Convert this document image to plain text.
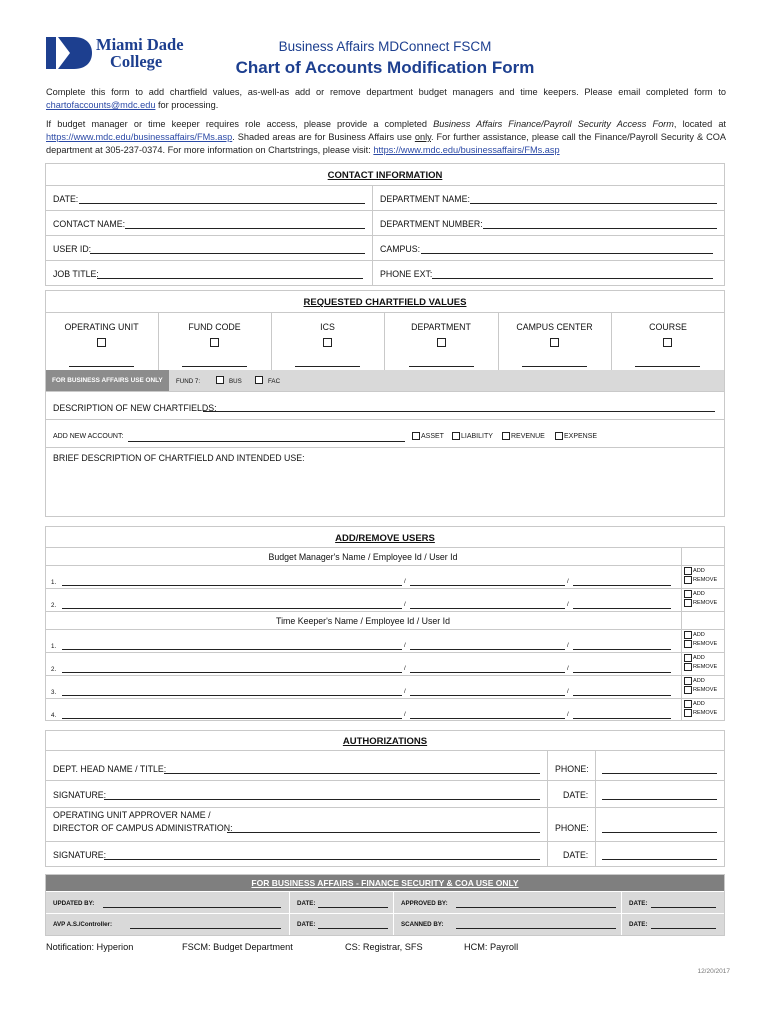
Miami Dade
College
Business Affairs MDConnect FSCM
Chart of Accounts Modification Form
Complete this form to add chartfield values, as-well-as add or remove department budget managers and time keepers. Please email completed form to chartofaccounts@mdc.edu for processing.
If budget manager or time keeper requires role access, please provide a completed Business Affairs Finance/Payroll Security Access Form, located at https://www.mdc.edu/businessaffairs/FMs.asp. Shaded areas are for Business Affairs use only. For further assistance, please call the Finance/Payroll Security & COA department at 305-237-0374. For more information on Chartstrings, please visit: https://www.mdc.edu/businessaffairs/FMs.asp
CONTACT INFORMATION
DATE:	DEPARTMENT NAME:
CONTACT NAME:	DEPARTMENT NUMBER:
USER ID:	CAMPUS:
JOB TITLE:	PHONE EXT:
REQUESTED CHARTFIELD VALUES
OPERATING UNIT	FUND CODE	ICS	DEPARTMENT	CAMPUS CENTER	COURSE
FOR BUSINESS AFFAIRS USE ONLY	FUND 7:	BUS	FAC
DESCRIPTION OF NEW CHARTFIELDS:
ADD NEW ACCOUNT:	ASSET LIABILITY	REVENUE	EXPENSE
BRIEF DESCRIPTION OF CHARTFIELD AND INTENDED USE:
ADD/REMOVE USERS
Budget Manager's Name / Employee Id / User Id
1.	/	/
ADD
REMOVE
2.	/	/
ADD
REMOVE
Time Keeper's Name / Employee Id / User Id
1.	/	/
ADD
REMOVE
2.	/	/
ADD
REMOVE
3.	/	/
ADD
REMOVE
4.	/	/
ADD
REMOVE
AUTHORIZATIONS
DEPT. HEAD NAME / TITLE:	PHONE:
SIGNATURE:	DATE:
OPERATING UNIT APPROVER NAME /
DIRECTOR OF CAMPUS ADMINISTRATION:	PHONE:
SIGNATURE:	DATE:
FOR BUSINESS AFFAIRS - FINANCE SECURITY & COA USE ONLY
UPDATED BY:	DATE:	APPROVED BY:	DATE:
AVP A.S./Controller:	DATE:	SCANNED BY:	DATE:
Notification: Hyperion	FSCM: Budget Department	CS: Registrar, SFS	HCM: Payroll
12/20/2017
